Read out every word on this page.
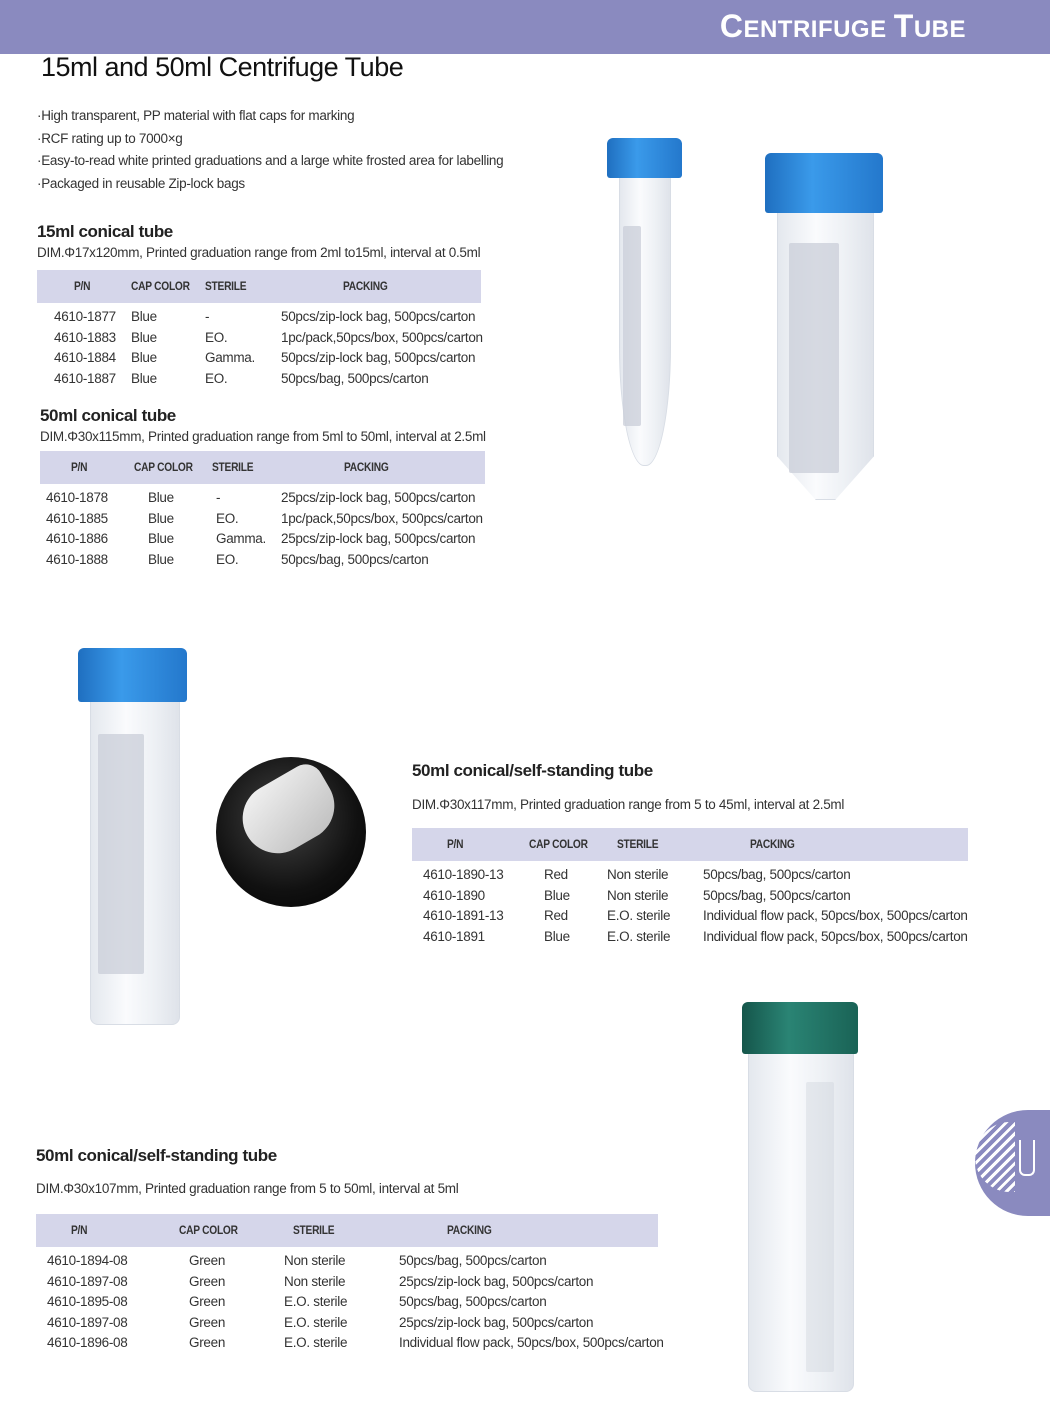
CENTRIFUGE TUBE
15ml and 50ml Centrifuge Tube
·High transparent, PP material with flat caps for marking
·RCF rating up to 7000×g
·Easy-to-read white printed graduations and a large white frosted area for labelling
·Packaged in reusable Zip-lock bags
15ml conical tube
DIM.Φ17x120mm, Printed graduation range from 2ml to15ml, interval at 0.5ml
P/N	CAP COLOR STERILE	PACKING
4610-1877 Blue	-	50pcs/zip-lock bag, 500pcs/carton
4610-1883 Blue	EO.	1pc/pack,50pcs/box, 500pcs/carton
4610-1884 Blue	Gamma. 50pcs/zip-lock bag, 500pcs/carton
4610-1887 Blue	EO.	50pcs/bag, 500pcs/carton
50ml conical tube
DIM.Φ30x115mm, Printed graduation range from 5ml to 50ml, interval at 2.5ml
P/N	CAP COLOR STERILE	PACKING
4610-1878	Blue	-	25pcs/zip-lock bag, 500pcs/carton
4610-1885	Blue	EO.	1pc/pack,50pcs/box, 500pcs/carton
4610-1886	Blue	Gamma. 25pcs/zip-lock bag, 500pcs/carton
4610-1888	Blue	EO.	50pcs/bag, 500pcs/carton
50ml conical/self-standing tube
DIM.Φ30x117mm, Printed graduation range from 5 to 45ml, interval at 2.5ml
P/N	CAP COLOR STERILE	PACKING
4610-1890-13	Red	Non sterile	50pcs/bag, 500pcs/carton
4610-1890	Blue	Non sterile	50pcs/bag, 500pcs/carton
4610-1891-13	Red	E.O. sterile Individual flow pack, 50pcs/box, 500pcs/carton
4610-1891	Blue	E.O. sterile Individual flow pack, 50pcs/box, 500pcs/carton
50ml conical/self-standing tube
DIM.Φ30x107mm, Printed graduation range from 5 to 50ml, interval at 5ml
P/N	CAP COLOR	STERILE	PACKING
4610-1894-08	Green	Non sterile	50pcs/bag, 500pcs/carton
4610-1897-08	Green	Non sterile	25pcs/zip-lock bag, 500pcs/carton
4610-1895-08	Green	E.O. sterile	50pcs/bag, 500pcs/carton
4610-1897-08	Green	E.O. sterile	25pcs/zip-lock bag, 500pcs/carton
4610-1896-08	Green	E.O. sterile	Individual flow pack, 50pcs/box, 500pcs/carton
